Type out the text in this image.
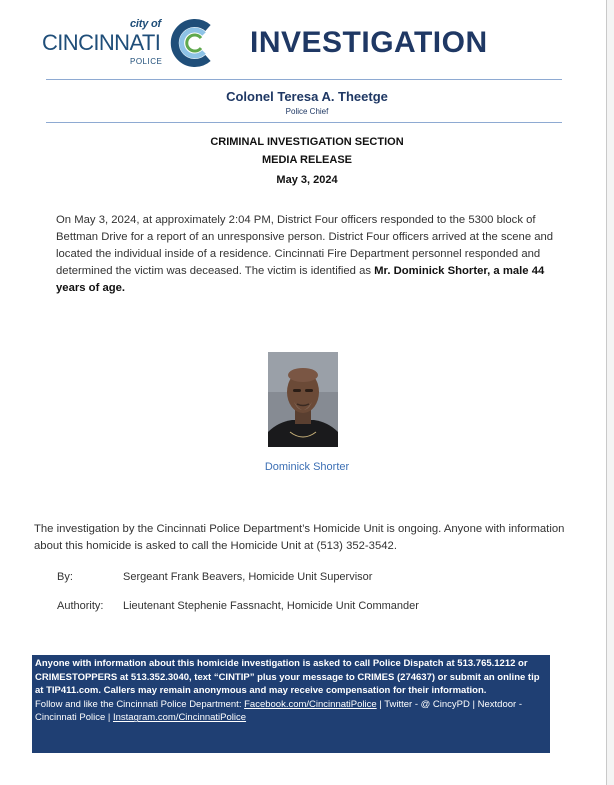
city of
CINCINNATI
POLICE
INVESTIGATION
Colonel Teresa A. Theetge
Police Chief
CRIMINAL INVESTIGATION SECTION
MEDIA RELEASE
May 3, 2024
On May 3, 2024, at approximately 2:04 PM, District Four officers responded to the 5300 block of Bettman Drive for a report of an unresponsive person. District Four officers arrived at the scene and located the individual inside of a residence. Cincinnati Fire Department personnel responded and determined the victim was deceased. The victim is identified as Mr. Dominick Shorter, a male 44 years of age.
Dominick Shorter
The investigation by the Cincinnati Police Department’s Homicide Unit is ongoing. Anyone with information about this homicide is asked to call the Homicide Unit at (513) 352-3542.
By:	Sergeant Frank Beavers, Homicide Unit Supervisor
Authority: Lieutenant Stephenie Fassnacht, Homicide Unit Commander
Anyone with information about this homicide investigation is asked to call Police Dispatch at 513.765.1212 or CRIMESTOPPERS at 513.352.3040, text “CINTIP” plus your message to CRIMES (274637) or submit an online tip at TIP411.com. Callers may remain anonymous and may receive compensation for their information.
Follow and like the Cincinnati Police Department: Facebook.com/CincinnatiPolice | Twitter - @ CincyPD | Nextdoor - Cincinnati Police | Instagram.com/CincinnatiPolice
